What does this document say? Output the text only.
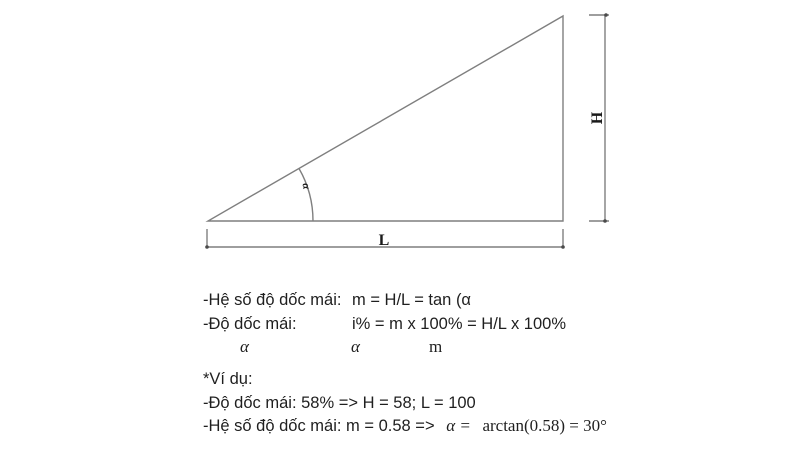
H
L
α
-Hệ số độ dốc mái: m = H/L = tan (α
-Độ dốc mái:	i% = m x 100% = H/L x 100%
α	α	m
*Ví dụ:
-Độ dốc mái: 58% => H = 58; L = 100
-Hệ số độ dốc mái: m = 0.58 => α = arctan(0.58) = 30°
